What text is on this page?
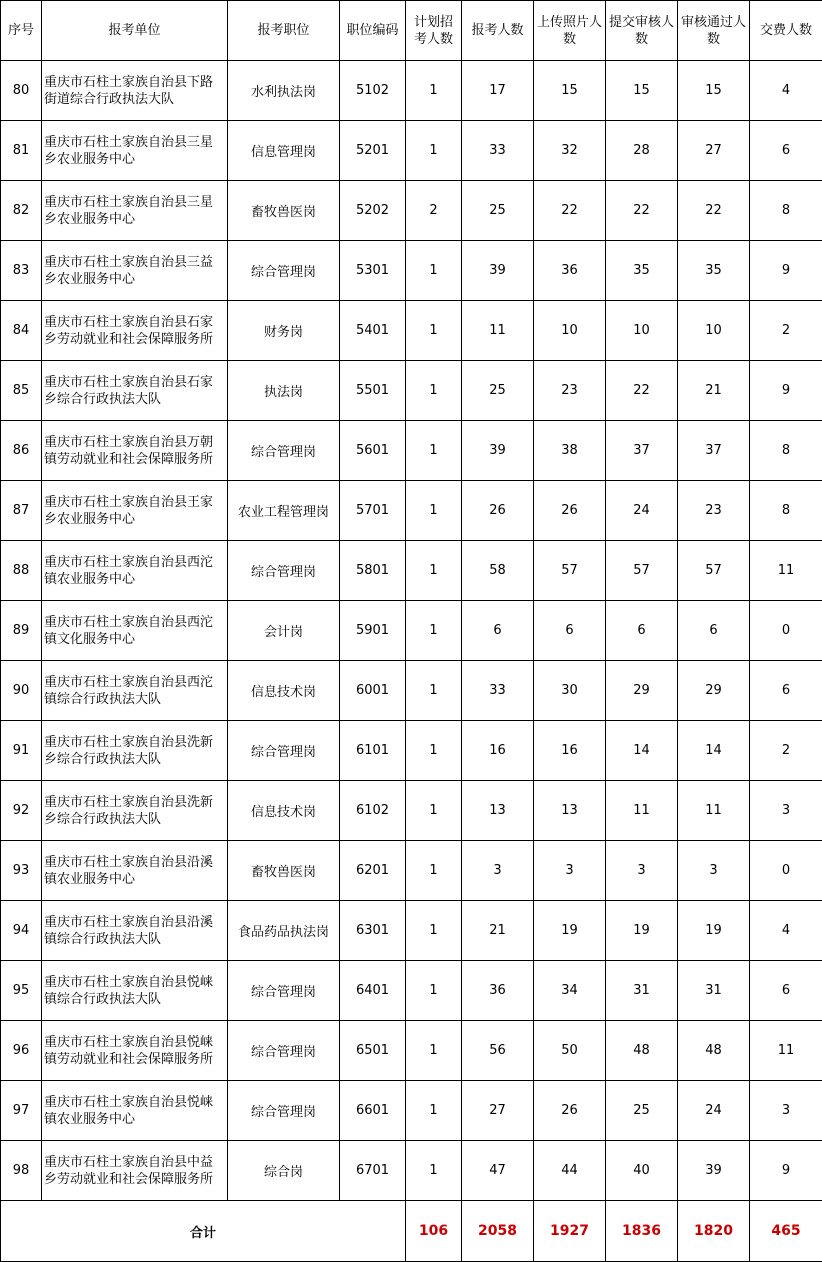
序号	报考单位	报考职位	职位编码	计划招考人数	报考人数	上传照片人数	提交审核人数	审核通过人数	交费人数
80	重庆市石柱土家族自治县下路街道综合行政执法大队	水利执法岗	5102	1	17	15	15	15	4
81	重庆市石柱土家族自治县三星乡农业服务中心	信息管理岗	5201	1	33	32	28	27	6
82	重庆市石柱土家族自治县三星乡农业服务中心	畜牧兽医岗	5202	2	25	22	22	22	8
83	重庆市石柱土家族自治县三益乡农业服务中心	综合管理岗	5301	1	39	36	35	35	9
84	重庆市石柱土家族自治县石家乡劳动就业和社会保障服务所	财务岗	5401	1	11	10	10	10	2
85	重庆市石柱土家族自治县石家乡综合行政执法大队	执法岗	5501	1	25	23	22	21	9
86	重庆市石柱土家族自治县万朝镇劳动就业和社会保障服务所	综合管理岗	5601	1	39	38	37	37	8
87	重庆市石柱土家族自治县王家乡农业服务中心	农业工程管理岗	5701	1	26	26	24	23	8
88	重庆市石柱土家族自治县西沱镇农业服务中心	综合管理岗	5801	1	58	57	57	57	11
89	重庆市石柱土家族自治县西沱镇文化服务中心	会计岗	5901	1	6	6	6	6	0
90	重庆市石柱土家族自治县西沱镇综合行政执法大队	信息技术岗	6001	1	33	30	29	29	6
91	重庆市石柱土家族自治县洗新乡综合行政执法大队	综合管理岗	6101	1	16	16	14	14	2
92	重庆市石柱土家族自治县洗新乡综合行政执法大队	信息技术岗	6102	1	13	13	11	11	3
93	重庆市石柱土家族自治县沿溪镇农业服务中心	畜牧兽医岗	6201	1	3	3	3	3	0
94	重庆市石柱土家族自治县沿溪镇综合行政执法大队	食品药品执法岗	6301	1	21	19	19	19	4
95	重庆市石柱土家族自治县悦崃镇综合行政执法大队	综合管理岗	6401	1	36	34	31	31	6
96	重庆市石柱土家族自治县悦崃镇劳动就业和社会保障服务所	综合管理岗	6501	1	56	50	48	48	11
97	重庆市石柱土家族自治县悦崃镇农业服务中心	综合管理岗	6601	1	27	26	25	24	3
98	重庆市石柱土家族自治县中益乡劳动就业和社会保障服务所	综合岗	6701	1	47	44	40	39	9
合计				106	2058	1927	1836	1820	465
